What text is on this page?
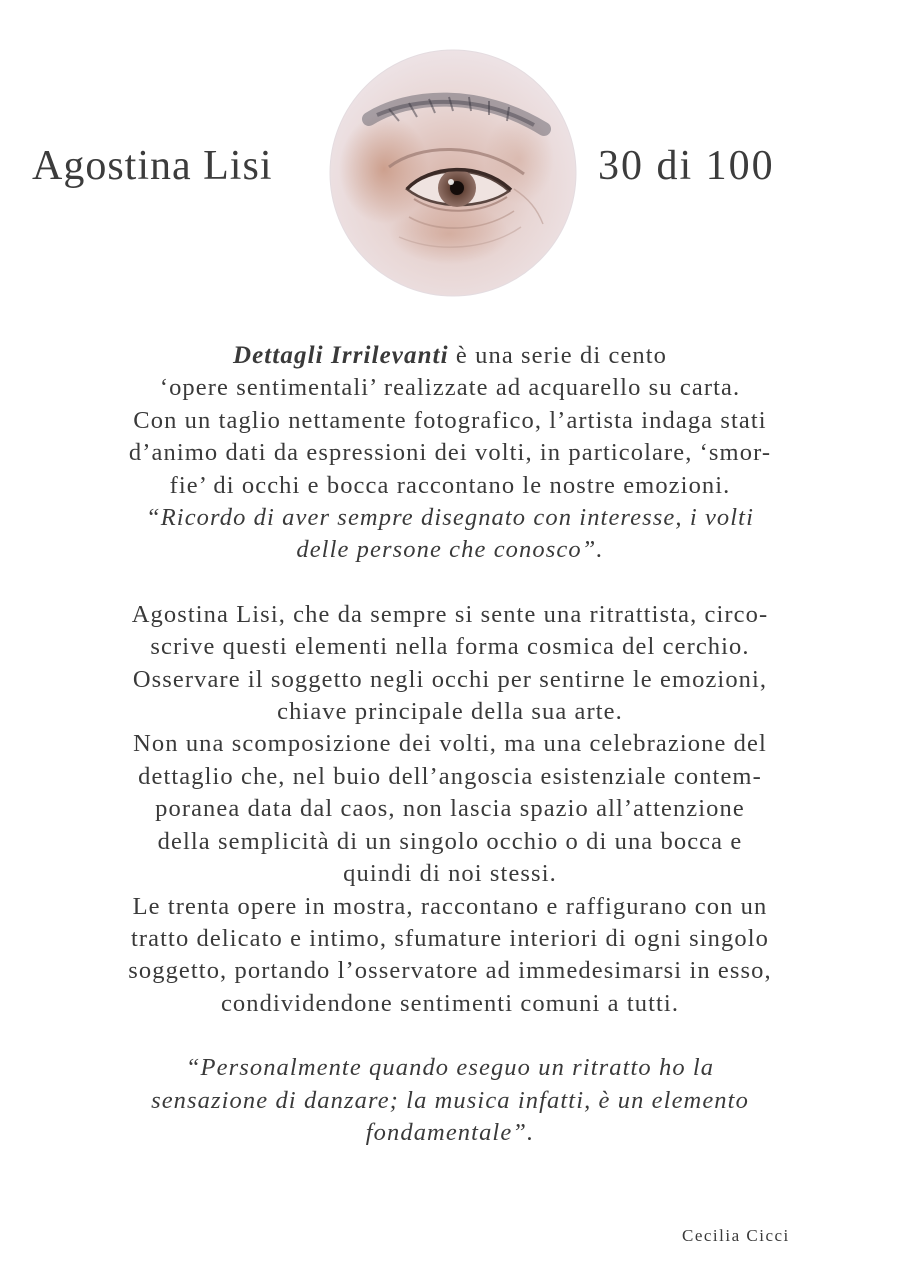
Agostina Lisi	30 di 100

Dettagli Irrilevanti è una serie di cento

‘opere sentimentali’ realizzate ad acquarello su carta.

Con un taglio nettamente fotografico, l’artista indaga stati

d’animo dati da espressioni dei volti, in particolare, ‘smor-

fie’ di occhi e bocca raccontano le nostre emozioni.

“Ricordo di aver sempre disegnato con interesse, i volti

delle persone che conosco”.

Agostina Lisi, che da sempre si sente una ritrattista, circo-

scrive questi elementi nella forma cosmica del cerchio.

Osservare il soggetto negli occhi per sentirne le emozioni,

chiave principale della sua arte.

Non una scomposizione dei volti, ma una celebrazione del

dettaglio che, nel buio dell’angoscia esistenziale contem-

poranea data dal caos, non lascia spazio all’attenzione

della semplicità di un singolo occhio o di una bocca e

quindi di noi stessi.

Le trenta opere in mostra, raccontano e raffigurano con un

tratto delicato e intimo, sfumature interiori di ogni singolo

soggetto, portando l’osservatore ad immedesimarsi in esso,

condividendone sentimenti comuni a tutti.

“Personalmente quando eseguo un ritratto ho la

sensazione di danzare; la musica infatti, è un elemento

fondamentale”.

Cecilia Cicci
